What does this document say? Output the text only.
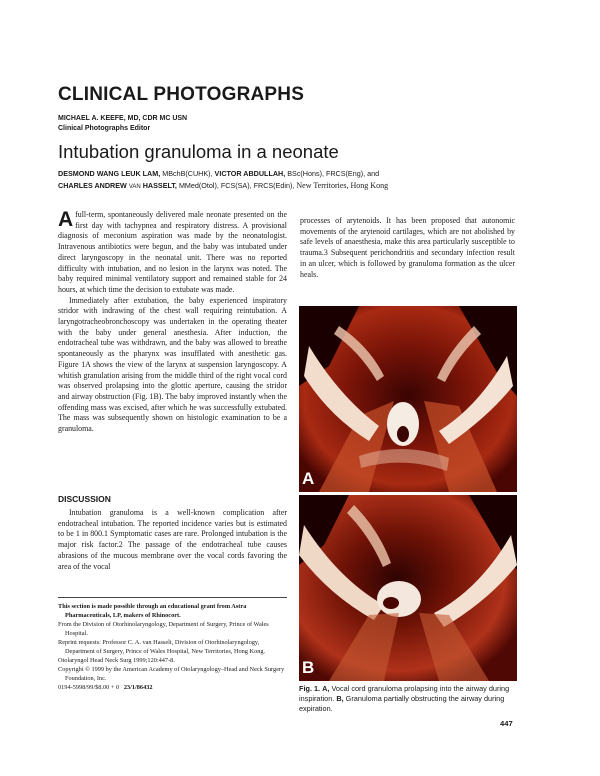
CLINICAL PHOTOGRAPHS
MICHAEL A. KEEFE, MD, CDR MC USN
Clinical Photographs Editor
Intubation granuloma in a neonate
DESMOND WANG LEUK LAM, MBchB(CUHK), VICTOR ABDULLAH, BSc(Hons), FRCS(Eng), and
CHARLES ANDREW VAN HASSELT, MMed(Otol), FCS(SA), FRCS(Edin), New Territories, Hong Kong

Afull-term, spontaneously delivered male neonate presented on the first day with tachypnea and respiratory distress. A provisional diagnosis of meconium aspiration was made by the neonatologist. Intravenous antibiotics were begun, and the baby was intubated under direct laryngoscopy in the neonatal unit. There was no reported difficulty with intubation, and no lesion in the larynx was noted. The baby required minimal ventilatory support and remained stable for 24 hours, at which time the decision to extubate was made.

Immediately after extubation, the baby experienced inspiratory stridor with indrawing of the chest wall requiring reintubation. A laryngotracheobronchoscopy was undertaken in the operating theater with the baby under general anesthesia. After induction, the endotracheal tube was withdrawn, and the baby was allowed to breathe spontaneously as the pharynx was insufflated with anesthetic gas. Figure 1A shows the view of the larynx at suspension laryngoscopy. A whitish granulation arising from the middle third of the right vocal cord was observed prolapsing into the glottic aperture, causing the stridor and airway obstruction (Fig. 1B). The baby improved instantly when the offending mass was excised, after which he was successfully extubated. The mass was subsequently shown on histologic examination to be a granuloma.

DISCUSSION

Intubation granuloma is a well-known complication after endotracheal intubation. The reported incidence varies but is estimated to be 1 in 800.1 Symptomatic cases are rare. Prolonged intubation is the major risk factor.2 The passage of the endotracheal tube causes abrasions of the mucous membrane over the vocal cords favoring the area of the vocal

This section is made possible through an educational grant from Astra Pharmaceuticals, LP, makers of Rhinocort.
From the Division of Otorhinolaryngology, Department of Surgery, Prince of Wales Hospital.
Reprint requests: Professor C. A. van Hasselt, Division of Otorhinolaryngology, Department of Surgery, Prince of Wales Hospital, New Territories, Hong Kong.
Otolaryngol Head Neck Surg 1999;120:447-8.
Copyright © 1999 by the American Academy of Otolaryngology–Head and Neck Surgery Foundation, Inc.
0194-5998/99/$8.00 + 0 23/1/86432

processes of arytenoids. It has been proposed that autonomic movements of the arytenoid cartilages, which are not abolished by safe levels of anaesthesia, make this area particularly susceptible to trauma.3 Subsequent perichondritis and secondary infection result in an ulcer, which is followed by granuloma formation as the ulcer heals.

A
B
Fig. 1. A, Vocal cord granuloma prolapsing into the airway during inspiration. B, Granuloma partially obstructing the airway during expiration.
447
